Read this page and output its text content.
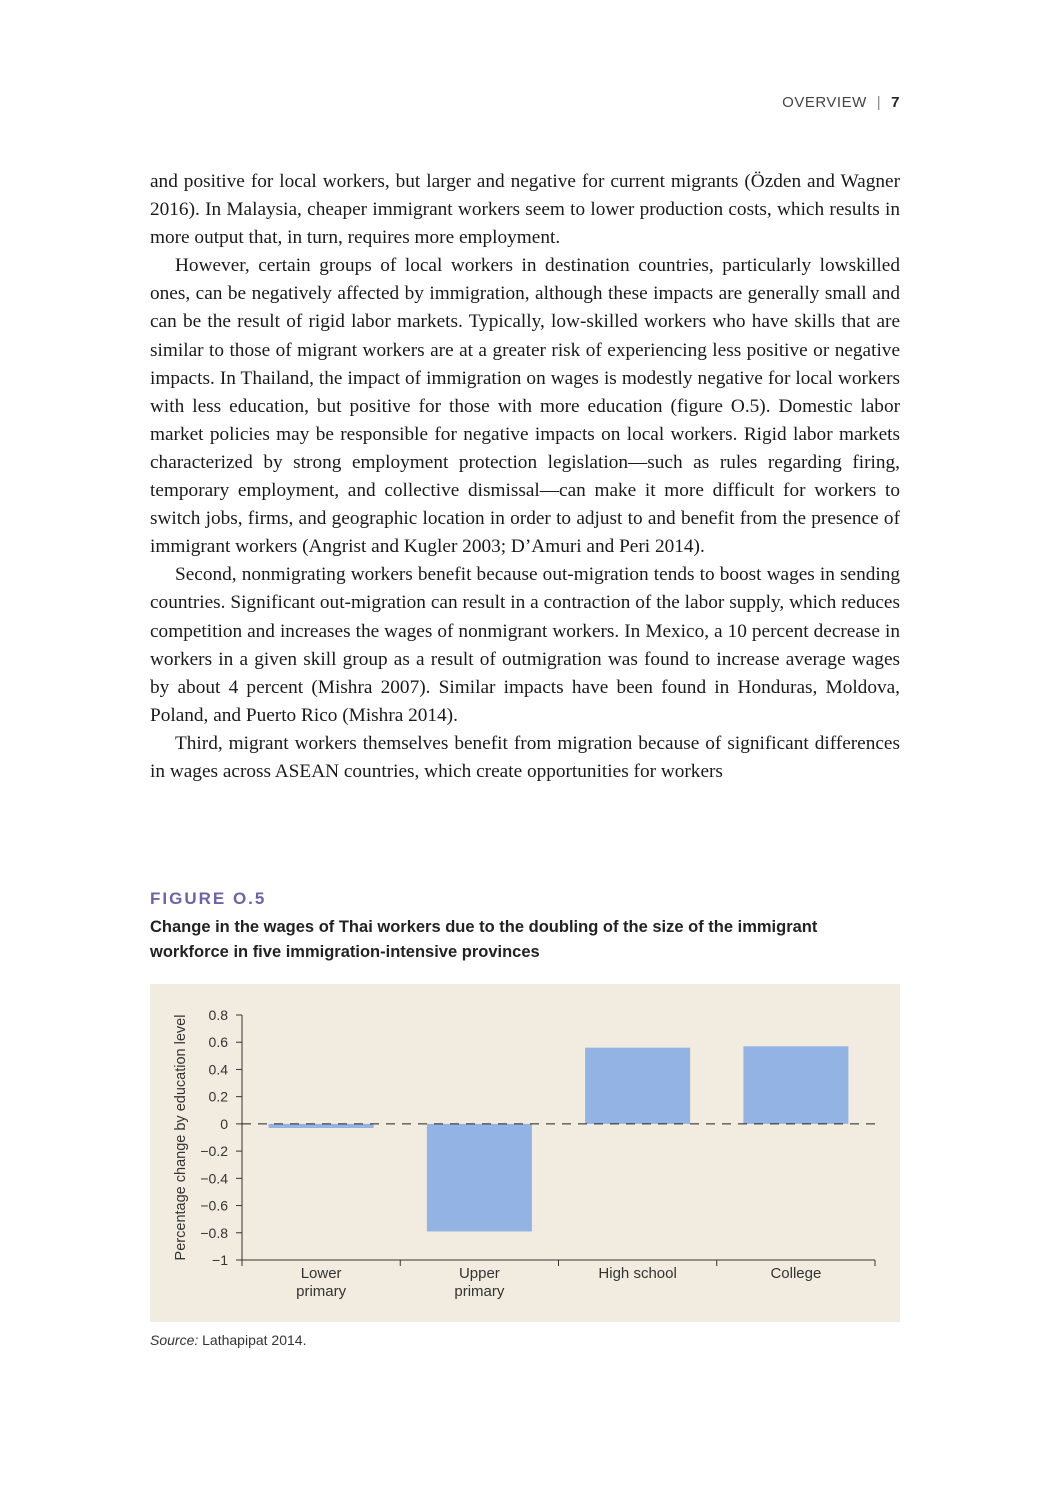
OVERVIEW | 7

and positive for local workers, but larger and negative for current migrants (Özden and Wagner 2016). In Malaysia, cheaper immigrant workers seem to lower production costs, which results in more output that, in turn, requires more employment.

However, certain groups of local workers in destination countries, particularly lowskilled ones, can be negatively affected by immigration, although these impacts are generally small and can be the result of rigid labor markets. Typically, low-skilled workers who have skills that are similar to those of migrant workers are at a greater risk of experiencing less positive or negative impacts. In Thailand, the impact of immigration on wages is modestly negative for local workers with less education, but positive for those with more education (figure O.5). Domestic labor market policies may be responsible for negative impacts on local workers. Rigid labor markets characterized by strong employment protection legislation—such as rules regarding firing, temporary employment, and collective dismissal—can make it more difficult for workers to switch jobs, firms, and geographic location in order to adjust to and benefit from the presence of immigrant workers (Angrist and Kugler 2003; D’Amuri and Peri 2014).

Second, nonmigrating workers benefit because out-migration tends to boost wages in sending countries. Significant out-migration can result in a contraction of the labor supply, which reduces competition and increases the wages of nonmigrant workers. In Mexico, a 10 percent decrease in workers in a given skill group as a result of outmigration was found to increase average wages by about 4 percent (Mishra 2007). Similar impacts have been found in Honduras, Moldova, Poland, and Puerto Rico (Mishra 2014).

Third, migrant workers themselves benefit from migration because of significant differences in wages across ASEAN countries, which create opportunities for workers

FIGURE O.5
Change in the wages of Thai workers due to the doubling of the size of the immigrant workforce in five immigration-intensive provinces
0.8
0.6
0.4
0.2
0
−0.2
−0.4
−0.6
−0.8
−1
Percentage change by education level
Lower
primary
Upper
primary
High school	College
Source: Lathapipat 2014.
